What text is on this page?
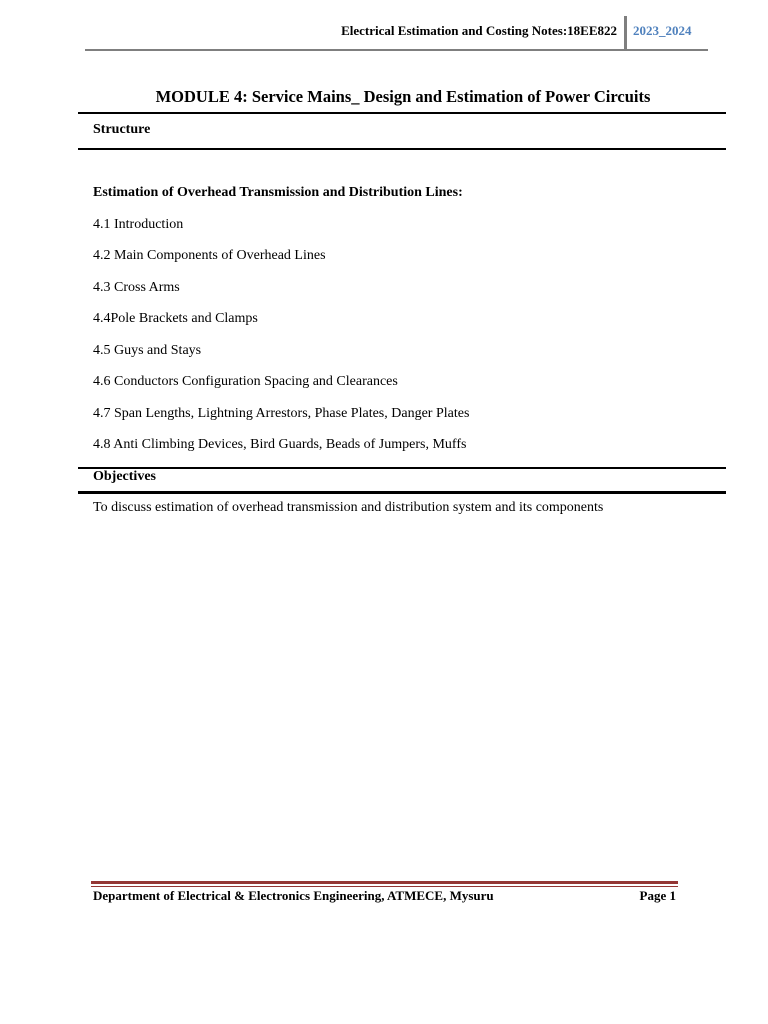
Electrical Estimation and Costing Notes:18EE822 2023_2024
MODULE 4: Service Mains_ Design and Estimation of Power Circuits
Structure
Estimation of Overhead Transmission and Distribution Lines:
4.1 Introduction
4.2 Main Components of Overhead Lines
4.3 Cross Arms
4.4Pole Brackets and Clamps
4.5 Guys and Stays
4.6 Conductors Configuration Spacing and Clearances
4.7 Span Lengths, Lightning Arrestors, Phase Plates, Danger Plates
4.8 Anti Climbing Devices, Bird Guards, Beads of Jumpers, Muffs
Objectives
To discuss estimation of overhead transmission and distribution system and its components
Department of Electrical & Electronics Engineering, ATMECE, Mysuru	Page 1
